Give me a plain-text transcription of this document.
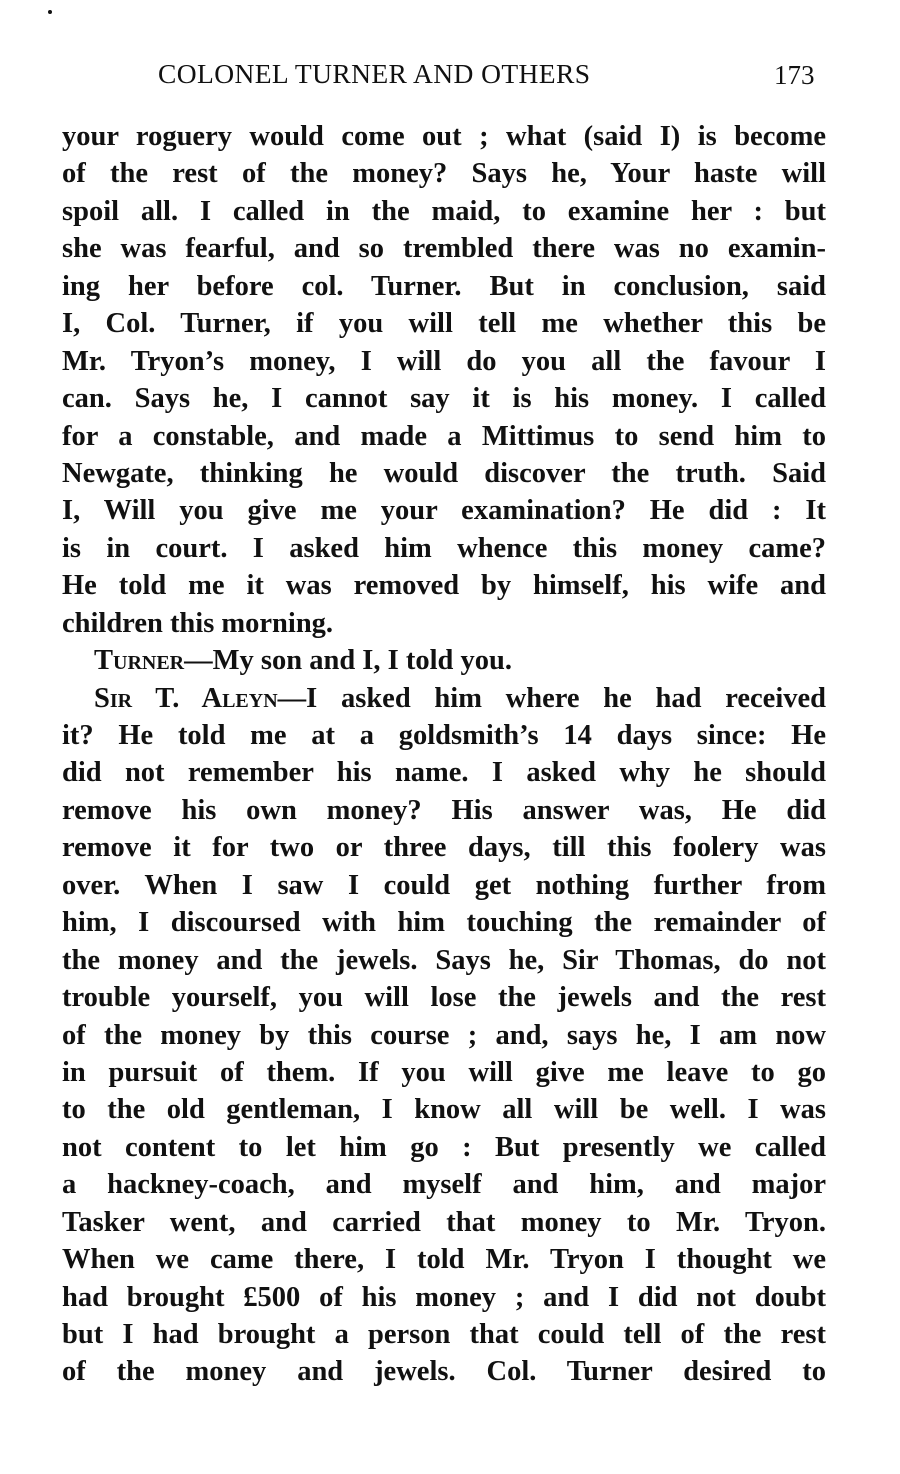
COLONEL TURNER AND OTHERS	173
your roguery would come out ; what (said I) is become
of the rest of the money? Says he, Your haste will
spoil all. I called in the maid, to examine her : but
she was fearful, and so trembled there was no examin-
ing her before col. Turner. But in conclusion, said
I, Col. Turner, if you will tell me whether this be
Mr. Tryon’s money, I will do you all the favour I
can. Says he, I cannot say it is his money. I called
for a constable, and made a Mittimus to send him to
Newgate, thinking he would discover the truth. Said
I, Will you give me your examination? He did : It
is in court. I asked him whence this money came?
He told me it was removed by himself, his wife and
children this morning.
Turner—My son and I, I told you.
Sir T. Aleyn—I asked him where he had received
it? He told me at a goldsmith’s 14 days since: He
did not remember his name. I asked why he should
remove his own money? His answer was, He did
remove it for two or three days, till this foolery was
over. When I saw I could get nothing further from
him, I discoursed with him touching the remainder of
the money and the jewels. Says he, Sir Thomas, do not
trouble yourself, you will lose the jewels and the rest
of the money by this course ; and, says he, I am now
in pursuit of them. If you will give me leave to go
to the old gentleman, I know all will be well. I was
not content to let him go : But presently we called
a hackney-coach, and myself and him, and major
Tasker went, and carried that money to Mr. Tryon.
When we came there, I told Mr. Tryon I thought we
had brought £500 of his money ; and I did not doubt
but I had brought a person that could tell of the rest
of the money and jewels. Col. Turner desired to
